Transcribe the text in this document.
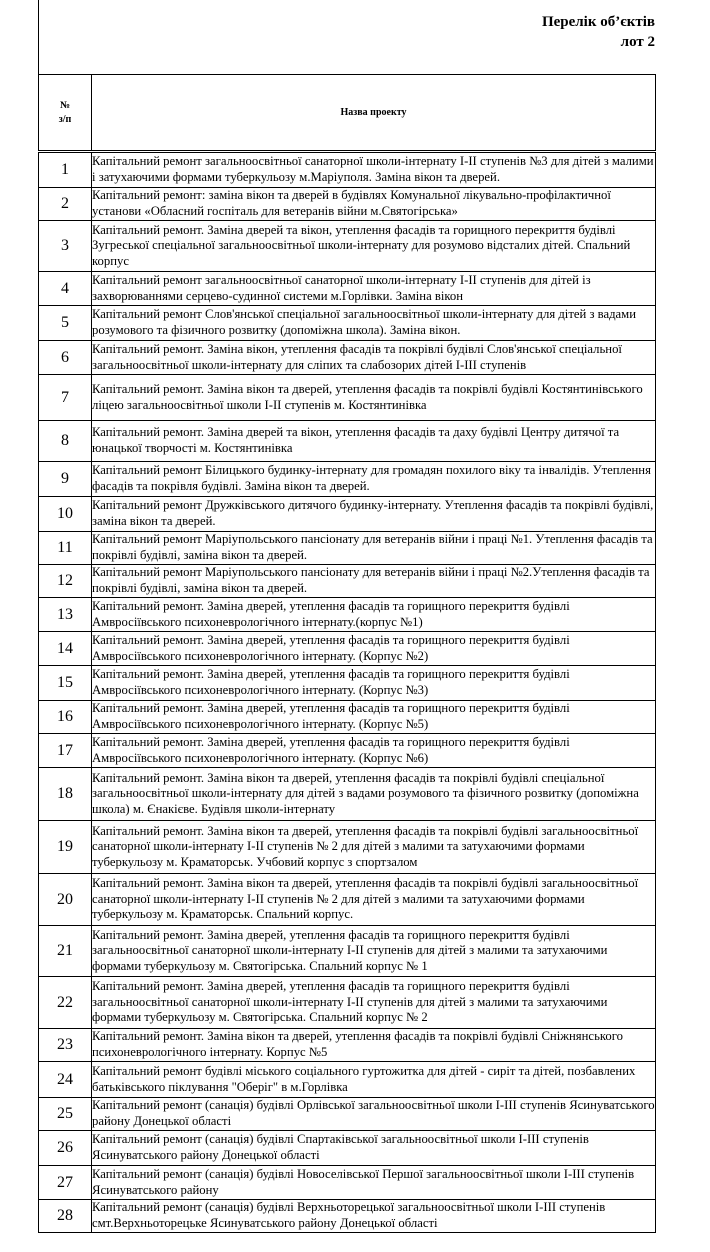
Перелік об’єктів
лот 2
№
з/п	Назва проекту
1	Капітальний ремонт загальноосвітньої санаторної школи-інтернату І-ІІ ступенів №3 для дітей з малими і затухаючими формами туберкульозу м.Маріуполя. Заміна вікон та дверей.
2	Капітальний ремонт: заміна вікон та дверей в будівлях Комунальної лікувально-профілактичної установи «Обласний госпіталь для ветеранів війни м.Святогірська»
3	Капітальний ремонт. Заміна дверей та вікон, утеплення фасадів та горищного перекриття будівлі Зугреської спеціальної загальноосвітньої школи-інтернату для розумово відсталих дітей. Спальний корпус
4	Капітальний ремонт загальноосвітньої санаторної школи-інтернату І-ІІ ступенів для дітей із захворюваннями серцево-судинної системи м.Горлівки. Заміна вікон
5	Капітальний ремонт Слов'янської спеціальної загальноосвітньої школи-інтернату для дітей з вадами розумового та фізичного розвитку (допоміжна школа). Заміна вікон.
6	Капітальний ремонт. Заміна вікон, утеплення фасадів та покрівлі будівлі Слов'янської спеціальної загальноосвітньої школи-інтернату для сліпих та слабозорих дітей І-ІІІ ступенів
7	Капітальний ремонт. Заміна вікон та дверей, утеплення фасадів та покрівлі будівлі Костянтинівського ліцею загальноосвітньої школи І-ІІ ступенів м. Костянтинівка
8	Капітальний ремонт. Заміна дверей та вікон, утеплення фасадів та даху будівлі Центру дитячої та юнацької творчості м. Костянтинівка
9	Капітальний ремонт Білицького будинку-інтернату для громадян похилого віку та інвалідів. Утеплення фасадів та покрівля будівлі. Заміна вікон та дверей.
10	Капітальний ремонт Дружківського дитячого будинку-інтернату. Утеплення фасадів та покрівлі будівлі, заміна вікон та дверей.
11	Капітальний ремонт Маріупольського пансіонату для ветеранів війни і праці №1. Утеплення фасадів та покрівлі будівлі, заміна вікон та дверей.
12	Капітальний ремонт Маріупольського пансіонату для ветеранів війни і праці №2.Утеплення фасадів та покрівлі будівлі, заміна вікон та дверей.
13	Капітальний ремонт. Заміна дверей, утеплення фасадів та горищного перекриття будівлі Амвросіївського психоневрологічного інтернату.(корпус №1)
14	Капітальний ремонт. Заміна дверей, утеплення фасадів та горищного перекриття будівлі Амвросіївського психоневрологічного інтернату. (Корпус №2)
15	Капітальний ремонт. Заміна дверей, утеплення фасадів та горищного перекриття будівлі Амвросіївського психоневрологічного інтернату. (Корпус №3)
16	Капітальний ремонт. Заміна дверей, утеплення фасадів та горищного перекриття будівлі Амвросіївського психоневрологічного інтернату. (Корпус №5)
17	Капітальний ремонт. Заміна дверей, утеплення фасадів та горищного перекриття будівлі Амвросіївського психоневрологічного інтернату. (Корпус №6)
18	Капітальний ремонт. Заміна вікон та дверей, утеплення фасадів та покрівлі будівлі спеціальної загальноосвітньої школи-інтернату для дітей з вадами розумового та фізичного розвитку (допоміжна школа) м. Єнакієве. Будівля школи-інтернату
19	Капітальний ремонт. Заміна вікон та дверей, утеплення фасадів та покрівлі будівлі загальноосвітньої санаторної школи-інтернату І-ІІ ступенів № 2 для дітей з малими та затухаючими формами туберкульозу м. Краматорськ. Учбовий корпус з спортзалом
20	Капітальний ремонт. Заміна вікон та дверей, утеплення фасадів та покрівлі будівлі загальноосвітньої санаторної школи-інтернату І-ІІ ступенів № 2 для дітей з малими та затухаючими формами туберкульозу м. Краматорськ. Спальний корпус.
21	Капітальний ремонт. Заміна дверей, утеплення фасадів та горищного перекриття будівлі загальноосвітньої санаторної школи-інтернату І-ІІ ступенів для дітей з малими та затухаючими формами туберкульозу м. Святогірська. Спальний корпус № 1
22	Капітальний ремонт. Заміна дверей, утеплення фасадів та горищного перекриття будівлі загальноосвітньої санаторної школи-інтернату І-ІІ ступенів для дітей з малими та затухаючими формами туберкульозу м. Святогірська. Спальний корпус № 2
23	Капітальний ремонт. Заміна вікон та дверей, утеплення фасадів та покрівлі будівлі Сніжнянського психоневрологічного інтернату. Корпус №5
24	Капітальний ремонт будівлі міського соціального гуртожитка для дітей - сиріт та дітей, позбавлених батьківського піклування "Оберіг" в м.Горлівка
25	Капітальний ремонт (санація) будівлі Орлівської загальноосвітньої школи І-ІІІ ступенів Ясинуватського району Донецької області
26	Капітальний ремонт (санація) будівлі Спартаківської загальноосвітньої школи І-ІІІ ступенів Ясинуватського району Донецької області
27	Капітальний ремонт (санація) будівлі Новоселівської Першої загальноосвітньої школи І-ІІІ ступенів Ясинуватського району
28	Капітальний ремонт (санація) будівлі Верхньоторецької загальноосвітньої школи І-ІІІ ступенів смт.Верхньоторецьке Ясинуватського району Донецької області
